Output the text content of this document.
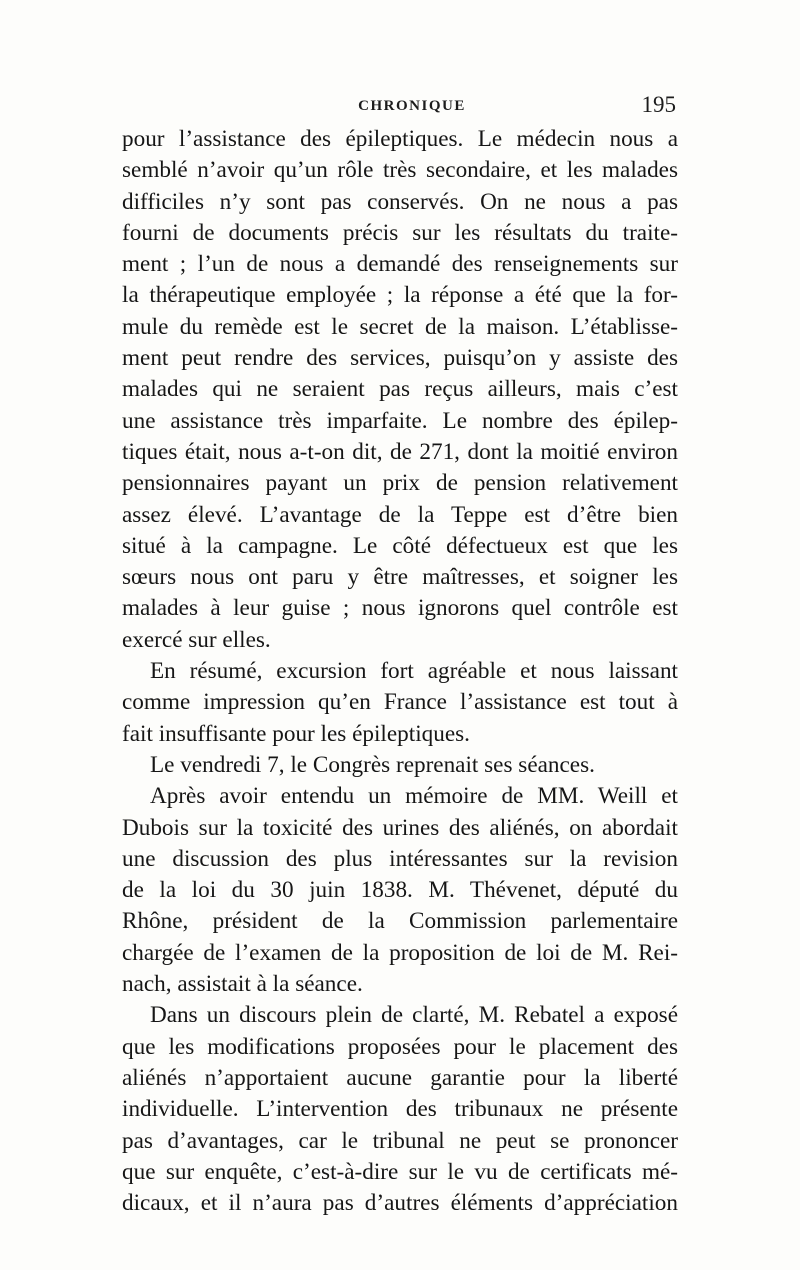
CHRONIQUE	195
pour l’assistance des épileptiques. Le médecin nous a
semblé n’avoir qu’un rôle très secondaire, et les malades
difficiles n’y sont pas conservés. On ne nous a pas
fourni de documents précis sur les résultats du traite-
ment ; l’un de nous a demandé des renseignements sur
la thérapeutique employée ; la réponse a été que la for-
mule du remède est le secret de la maison. L’établisse-
ment peut rendre des services, puisqu’on y assiste des
malades qui ne seraient pas reçus ailleurs, mais c’est
une assistance très imparfaite. Le nombre des épilep-
tiques était, nous a-t-on dit, de 271, dont la moitié environ
pensionnaires payant un prix de pension relativement
assez élevé. L’avantage de la Teppe est d’être bien
situé à la campagne. Le côté défectueux est que les
sœurs nous ont paru y être maîtresses, et soigner les
malades à leur guise ; nous ignorons quel contrôle est
exercé sur elles.
En résumé, excursion fort agréable et nous laissant
comme impression qu’en France l’assistance est tout à
fait insuffisante pour les épileptiques.
Le vendredi 7, le Congrès reprenait ses séances.
Après avoir entendu un mémoire de MM. Weill et
Dubois sur la toxicité des urines des aliénés, on abordait
une discussion des plus intéressantes sur la revision
de la loi du 30 juin 1838. M. Thévenet, député du
Rhône, président de la Commission parlementaire
chargée de l’examen de la proposition de loi de M. Rei-
nach, assistait à la séance.
Dans un discours plein de clarté, M. Rebatel a exposé
que les modifications proposées pour le placement des
aliénés n’apportaient aucune garantie pour la liberté
individuelle. L’intervention des tribunaux ne présente
pas d’avantages, car le tribunal ne peut se prononcer
que sur enquête, c’est-à-dire sur le vu de certificats mé-
dicaux, et il n’aura pas d’autres éléments d’appréciation
